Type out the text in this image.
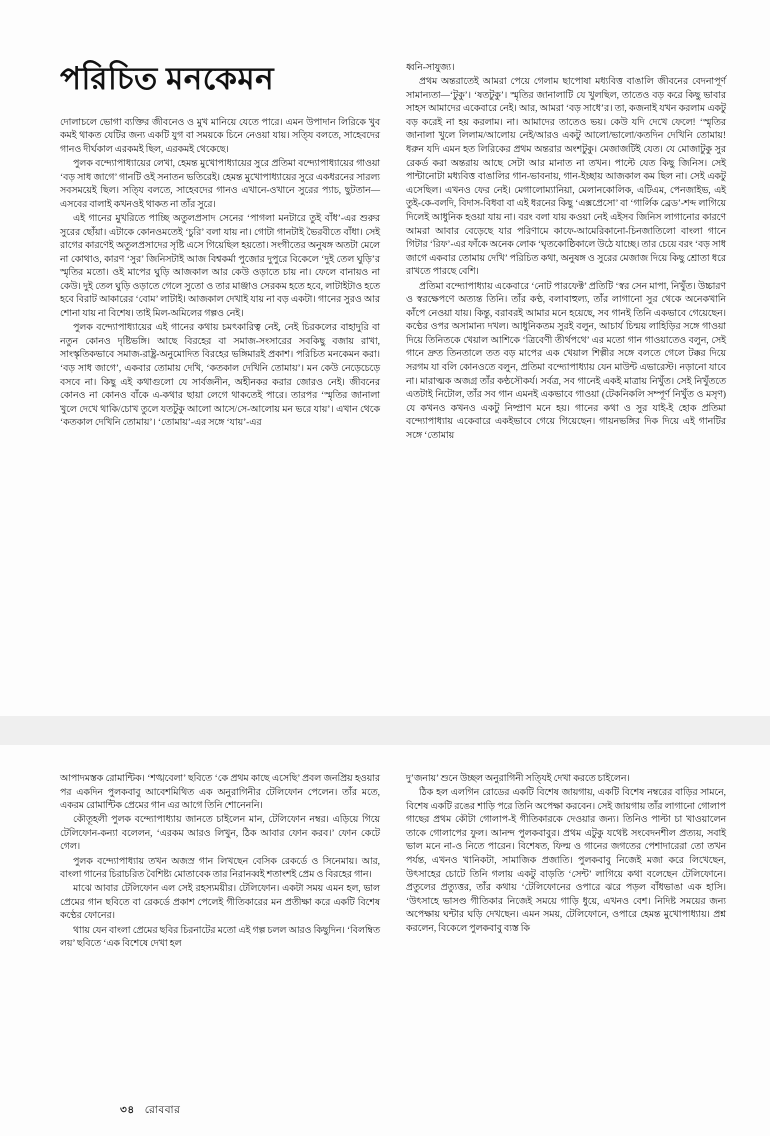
পরিচিত মনকেমন

দোলাচলে ভোগা ব্যক্তির জীবনেও ও মুখ মানিয়ে যেতে পারে। এমন উপাদান লিরিকে খুব কমই থাকত যেটির জন্য একটি যুগ বা সময়কে চিনে নেওয়া যায়। সতি্য বলতে, সাহেবদের গানও দীর্ঘকাল এরকমই ছিল, এরকমই থেকেছে।

পুলক বন্দ্যোপাধ্যায়ের লেখা, হেমন্ত মুখোপাধ্যায়ের সুরে প্রতিমা বন্দ্যোপাধ্যায়ের গাওয়া ‘বড় সাধ জাগে’ গানটি ওই সনাতন ভতিরেই। হেমন্ত মুখোপাধ্যায়ের সুরে একধরনের সারল্য সবসময়েই ছিল। সতি্য বলতে, সাহেবদের গানও এখানে-ওখানে সুরের প্যাচ, ছুটতান—এসবের বালাই কখনওই থাকত না তাঁর সুরে।

এই গানের মুখরিতে পাচ্ছি অতুলপ্রসাদ সেনের ‘পাগলা মনটারে তুই বাঁধ’-এর শুরুর সুরের ছোঁয়া। এটাকে কোনওমতেই ‘চুরি’ বলা যায় না। গোটা গানটাই ভৈরবীতে বাঁধা। সেই রাগের কারণেই অতুলপ্রসাদের সৃষ্টি এসে গিয়েছিল হয়তো। সংগীতের অনুষঙ্গ অতটা মেলে না কোথাও, কারণ ‘সুর’ জিনিসটাই আজ বিশ্বকর্মা পুজোর দুপুরে বিকেলে ‘দুই তেল ঘুড়ি’র স্মৃতির মতো। ওই মাপের ঘুড়ি আজকাল আর কেউ ওড়াতে চায় না। ফেলে বানায়ও না কেউ। দুই তেল ঘুড়ি ওড়াতে গেলে সুতো ও তার মাঞ্জাও সেরকম হতে হবে, লাটাইটাও হতে হবে বিরাট আকারের ‘বোম’ লাটাই। আজকাল দেখাই যায় না বড় একটা। গানের সুরও আর শোনা যায় না বিশেষ। তাই মিল-অমিলের গল্পও নেই।

পুলক বন্দ্যোপাধ্যায়ের এই গানের কথায় চমৎকারিত্ব নেই, নেই চিরকলের বাহাদুরি বা নতুন কোনও দৃষ্টিভঙ্গি। আছে বিরহের বা সমাজ-সংসারের সবকিছু বজায় রাখা, সাংস্কৃতিকভাবে সমাজ-রাষ্ট্র-অনুমোদিত বিরহের ভঙ্গিমারই প্রকাশ। পরিচিত মনকেমন করা। ‘বড় সাধ জাগে’, একবার তোমায় দেখি, ‘কতকাল দেখিনি তোমায়’। মন কেউ নেড়েচেড়ে বসবে না। কিছু এই কথাগুলো যে সার্বজনীন, অহীনকর করার জোরও নেই। জীবনের কোনও না কোনও বাঁকে এ-কথার ছায়া লেগে থাকতেই পারে। তারপর ‘স্মৃতির জানালা খুলে দেখে থাকি/চোখ তুলে যতটুকু আলো আসে/সে-আলোয় মন ভরে যায়’। এখান থেকে ‘কতকাল দেখিনি তোমায়’। ‘তোমায়’-এর সঙ্গে ‘যায়’-এর

ধ্বনি-সাযুজ্য।

প্রথম অন্তরাতেই আমরা পেয়ে গেলাম ছাপোষা মধ্যবিত্ত বাঙালি জীবনের বেদনাপূর্ণ সামান্যতা—‘টুকু’। ‘ষতটুকু’। স্মৃতির জানালাটি যে খুলছিল, তাতেও বড় করে কিছু ভাবার সাহস আমাদের একেবারে নেই। আর, আমরা ‘বড় সাধে’র। তা, কজনাই যখন করলাম একটু বড় করেই না হয় করলাম। না। আমাদের তাতেও ভয়। কেউ যদি দেখে ফেলে! ‘স্মৃতির জানালা খুলে লিলাম/আলোয় নেই/আরও একটু আলো/ভালো/কতদিন দেখিনি তোমায়! ধরুন যদি এমন হত লিরিকের প্রথম অন্তরার অংশটুকু। মেজাজটিই যেত। যে মোজাটুকু সুর রেকর্ড করা অন্তরায় আছে সেটা আর মানাত না তখন। পাল্টে যেত কিছু জিনিস। সেই পান্টানোটা মধ্যবিত্ত বাঙালির গান-ভাবনায়, গান-ইচ্ছায় আজকাল কম ছিল না। সেই একটু এসেছিল। এখনও ফের নেই। মেগালোম্যানিয়া, মেলানকোলিক, এটিএম, পেনজাইভ, এই তুই-কে-বলদি, বিদাস-বিধবা বা এই ধরনের কিছু ‘এক্সপ্রেসো’ বা ‘গার্লিক ব্রেড’-শব্দ লাগিয়ে দিলেই আধুনিক হওয়া যায় না। বরং বলা যায় কওয়া নেই এইসব জিনিস লাগানোর কারণে আমরা আবার বেড়েছে যার পরিণামে কাফে-আমেরিকানো-চিনজাতিলো বাংলা গানে গিটার ‘রিফ’-এর ফাঁকে অনেক লোক ‘ঘৃতকোষ্ঠিকালে উঠে যাচ্ছে। তার চেয়ে বরং ‘বড় সাধ জাগে একবার তোমায় দেখি’ পরিচিত কথা, অনুষঙ্গ ও সুরের মেজাজ দিয়ে কিছু শ্রোতা ধরে রাখতে পারছে বেশি।

প্রতিমা বন্দ্যোপাধ্যায় একেবারে ‘নোট পারফেক্ট’ প্রতিটি ‘স্বর সেন মাপা, নিখুঁত। উচ্চারণ ও স্বরক্ষেপণে অত্যন্ত তিনি। তাঁর কণ্ঠ, বলাবাহুল্য, তাঁর লাগানো সুর থেকে অনেকখানি কাঁপে নেওয়া যায়। কিন্তু, বরাবরই আমার মনে হয়েছে, সব গানই তিনি একভাবে গেয়েছেন। কণ্ঠের ওপর অসামান্য দখল। আধুনিকতম সুরই বলুন, আচার্য চিন্ময় লাহিড়ির সঙ্গে গাওয়া দিয়ে তিনিতকে খেয়াল আশিকে ‘ত্রিবেণী তীর্থপথে’ এর মতো গান গাওয়াতেও বলুন, সেই গানে দ্রুত তিনতালে তত বড় মাপের এক খেয়াল শিল্পীর সঙ্গে বলতে গেলে টক্কর দিয়ে সরগম যা বলি কোনওতে বলুন, প্রতিমা বন্দ্যোপাধ্যায় যেন মাউন্ট এভারেস্ট। নড়ানো যাবে না। মারাত্মক অজগ্র তাঁর কণ্ঠসৌকর্য। সর্বত্র, সব গানেই একই মাত্রায় নিখুঁত। সেই নিখুঁততে এতটাই নিটোল, তাঁর সব গান এমনই একভাবে গাওয়া (টেকনিকলি সম্পূর্ণ নিখুঁত ও মসৃণ) যে কখনও কখনও একটু নিষ্প্রাণ মনে হয়। গানের কথা ও সুর যাই-ই হোক প্রতিমা বন্দ্যোপাধ্যায় একেবারে একইভাবে গেয়ে গিয়েছেন। গায়নভঙ্গির দিক দিয়ে এই গানটির সঙ্গে ‘তোমায়

আপাদমস্তক রোমান্টিক। ‘শঙ্খবেলা’ ছবিতে ‘কে প্রথম কাছে এসেছি’ প্রবল জনপ্রিয় হওয়ার পর একদিন পুলকবাবু আবেশমিথিত এক অনুরাগিনীর টেলিফোন পেলেন। তাঁর মতে, একরম রোমান্টিক প্রেমের গান এর আগে তিনি শোনেননি।

কৌতূহলী পুলক বন্দ্যোপাধ্যায় জানতে চাইলেন মান, টেলিফোন নম্বর। এড়িয়ে গিয়ে টেলিফোন-কন্যা বলেলন, ‘এরকম আরও লিখুন, ঠিক আবার ফোন করব।’ ফোন কেটে গেল।

পুলক বন্দ্যোপাধ্যায় তখন অজস্র গান লিখছেন বেসিক রেকর্ডে ও সিনেমায়। আর, বাংলা গানের চিরাচরিত বৈশিষ্ট্য মোতাবেক তার নিরানব্বই শতাংশই প্রেম ও বিরহের গান।

মাঝে আবার টেলিফোন এল সেই রহস্যময়ীর। টেলিফোন। একটা সময় এমন হল, ভাল প্রেমের গান ছবিতে বা রেকর্ডে প্রকাশ পেলেই গীতিকারের মন প্রতীক্ষা করে একটি বিশেষ কণ্ঠের ফোনের।

থাায় যেন বাংলা প্রেমের ছবির চিরনাটের মতো এই গল্প চলল আরও কিছুদিন। ‘বিলম্বিত লয়’ ছবিতে ‘এক বিশেষে দেখা হল

দু’জনায়’ শুনে উচ্ছল অনুরাগিনী সতি্যই দেখা করতে চাইলেন।

ঠিক হল এলগিন রোডের একটি বিশেষ জায়গায়, একটি বিশেষ নম্বরের বাড়ির সামনে, বিশেষ একটি রঙের শাড়ি পরে তিনি অপেক্ষা করবেন। সেই জায়গায় তাঁর লাগানো গোলাপ গাছের প্রথম কৌটা গোলাপ-ই গীতিকারকে দেওয়ার জন্য। তিনিও পাল্টা চা খাওয়ালেন তাকে গোলাপের ফুল। আনন্দ পুলকবাবুর। প্রথম এটুকু যথেষ্ট সংবেদনশীল প্রত্যয়, সবাই ভাল মনে না-ও নিতে পারেন। বিশেষত, ফিল্ম ও গানের জগতের পেশাদারেরা তো তখন পর্যন্ত, এখনও খানিকটা, সামাজিক প্রজাতি। পুলকবাবু নিজেই মজা করে লিখেছেন, উৎসাহের চোটে তিনি গলায় একটু বাড়তি ‘সেন্ট’ লাগিয়ে কথা বলেছেন টেলিফোনে। প্রতুলের প্রত্যুত্তর, তাঁর কথায় ‘টেলিফোনের ওপারে ঝরে পড়ল বাঁধভাঙা এক হাসি। ‘উৎসাহে ভাসণ্ড গীতিকার নিজেই সময়ে গাড়ি ধুয়ে, এখনও বেশ। নিদিষ্ট সময়ের জন্য অপেক্ষায় ঘন্টার ঘড়ি দেখছেন। এমন সময়, টেলিফোনে, ওপারে হেমন্ত মুখোপাধ্যায়। প্রশ্ন করলেন, বিকেলে পুলকবাবু ব্যস্ত কি

৩৪ রোববার
